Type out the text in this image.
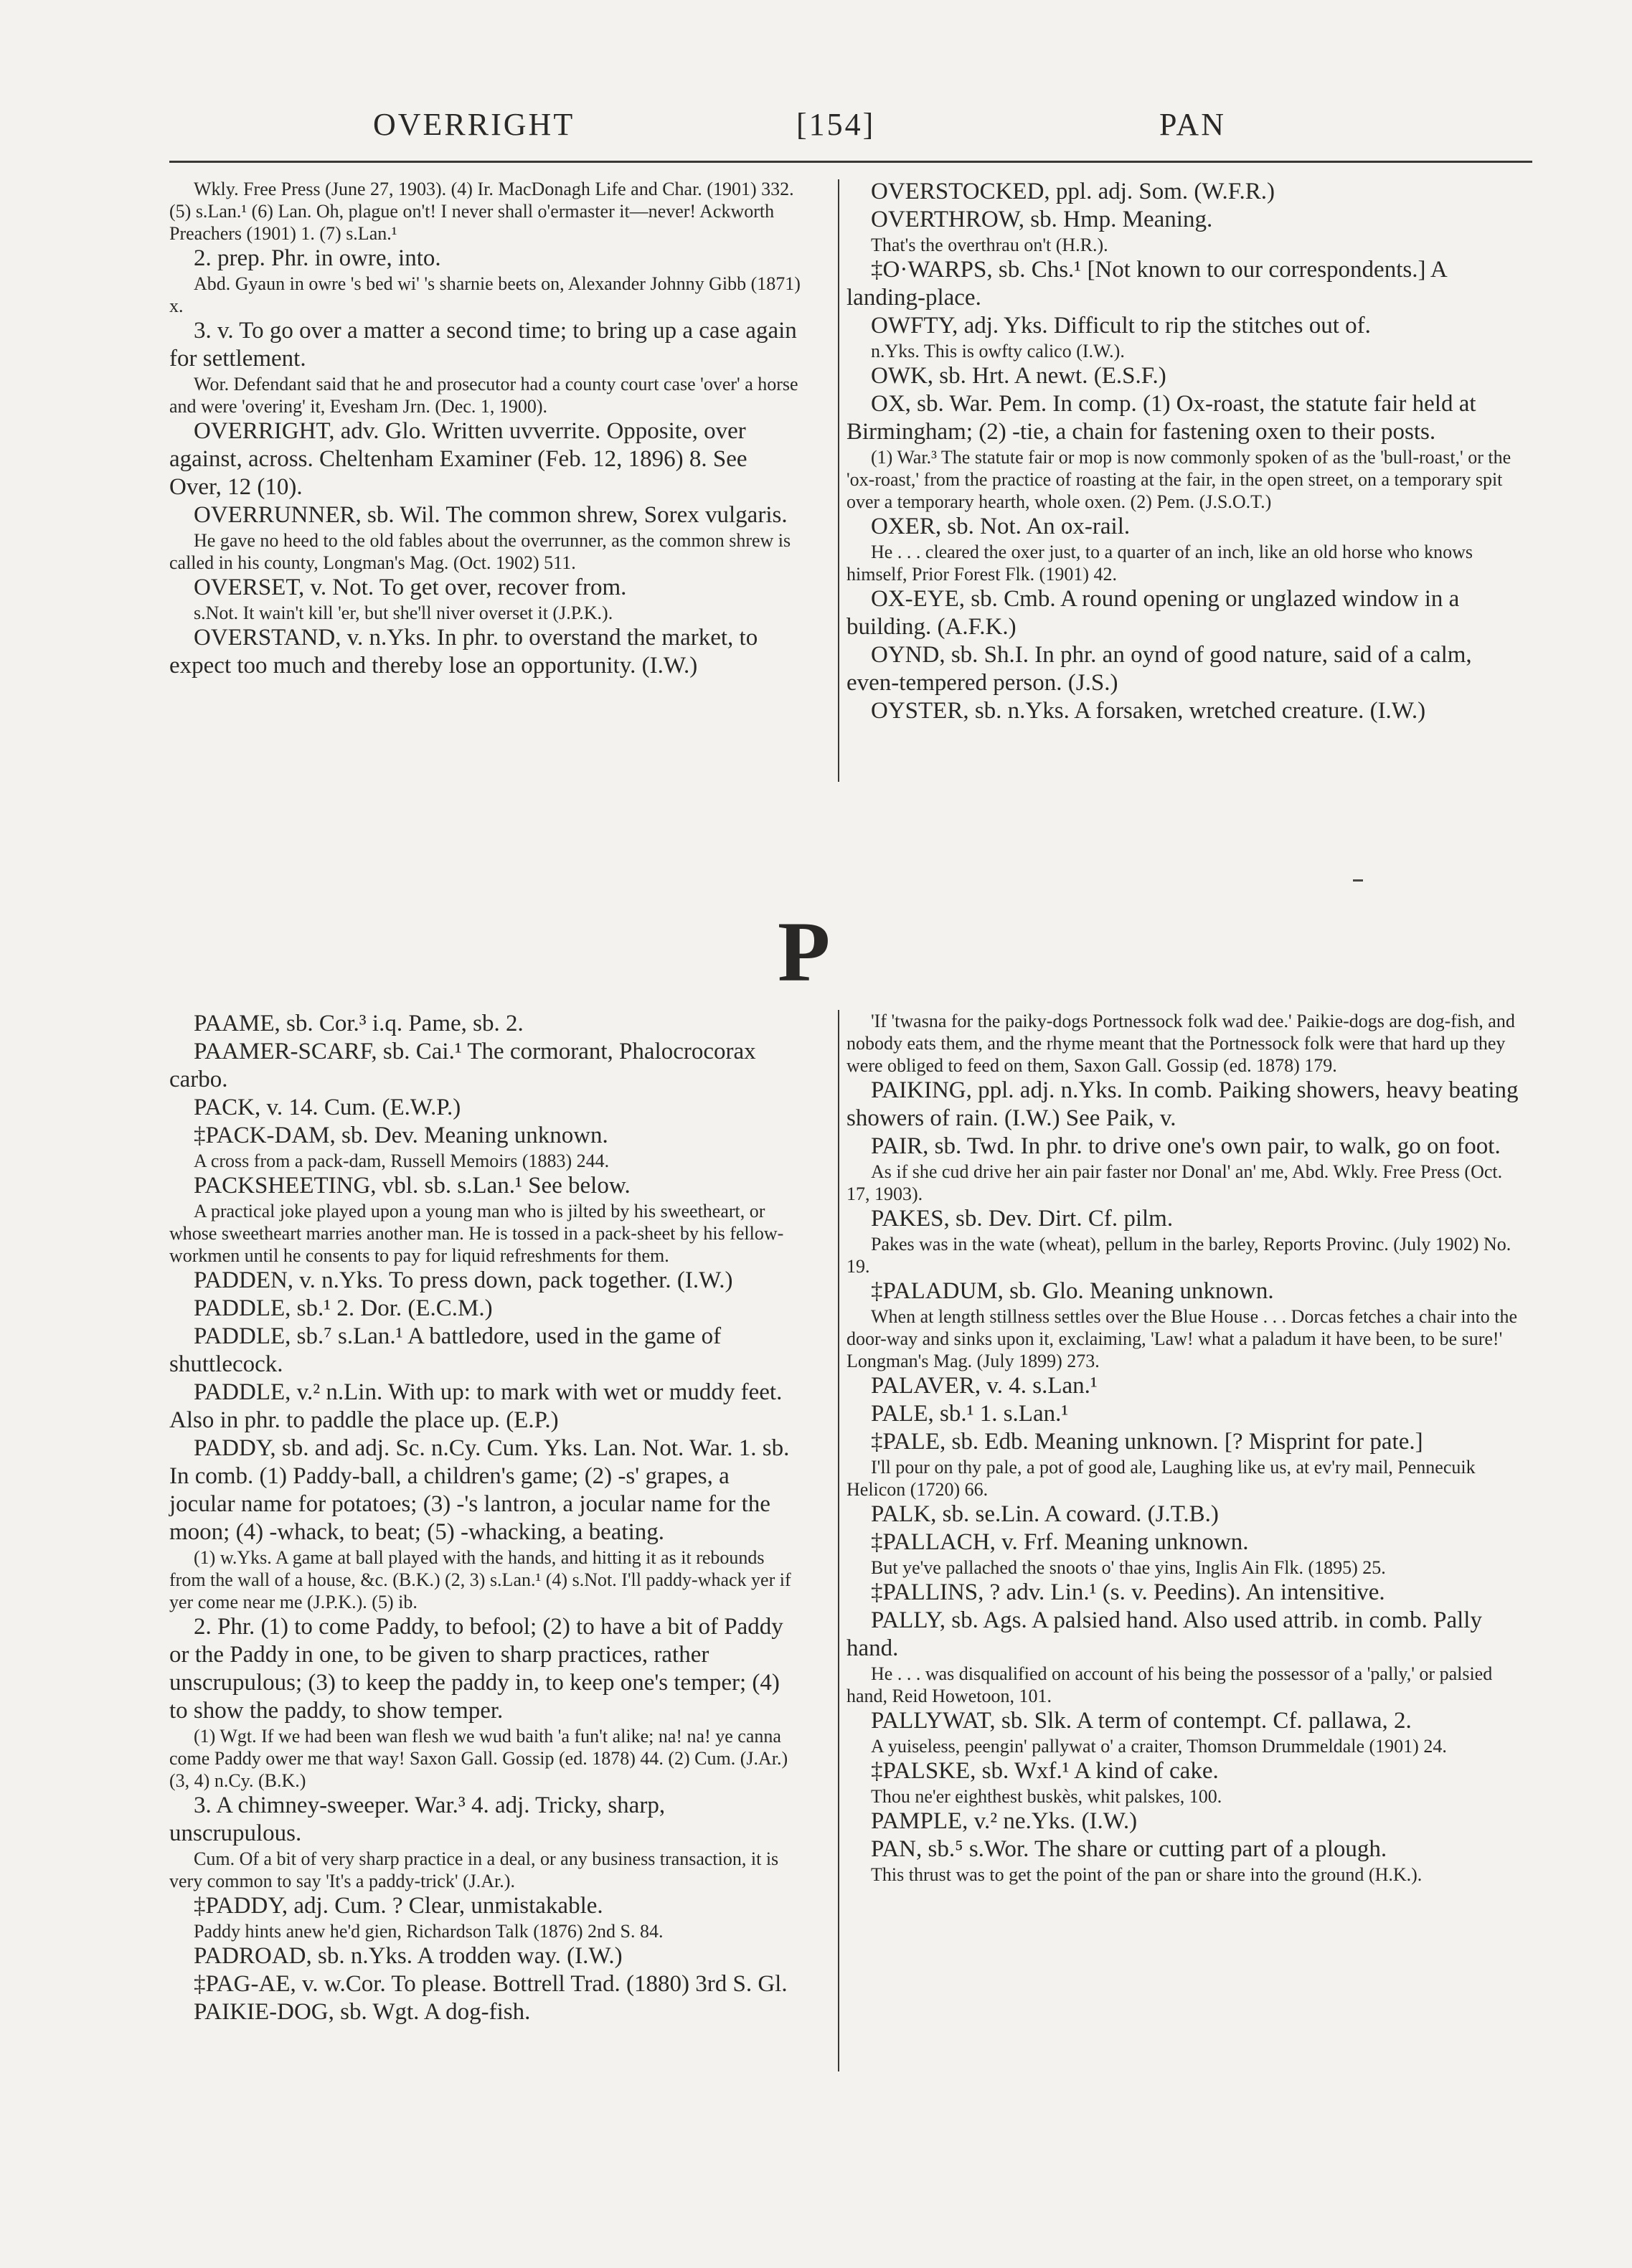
OVERRIGHT	[154]	PAN

Wkly. Free Press (June 27, 1903). (4) Ir. MacDonagh Life and Char. (1901) 332. (5) s.Lan.¹ (6) Lan. Oh, plague on't! I never shall o'ermaster it—never! Ackworth Preachers (1901) 1. (7) s.Lan.¹

2. prep. Phr. in owre, into.

Abd. Gyaun in owre 's bed wi' 's sharnie beets on, Alexander Johnny Gibb (1871) x.

3. v. To go over a matter a second time; to bring up a case again for settlement.

Wor. Defendant said that he and prosecutor had a county court case 'over' a horse and were 'overing' it, Evesham Jrn. (Dec. 1, 1900).

OVERRIGHT, adv. Glo. Written uvverrite. Opposite, over against, across. Cheltenham Examiner (Feb. 12, 1896) 8. See Over, 12 (10).

OVERRUNNER, sb. Wil. The common shrew, Sorex vulgaris.

He gave no heed to the old fables about the overrunner, as the common shrew is called in his county, Longman's Mag. (Oct. 1902) 511.

OVERSET, v. Not. To get over, recover from.

s.Not. It wain't kill 'er, but she'll niver overset it (J.P.K.).

OVERSTAND, v. n.Yks. In phr. to overstand the market, to expect too much and thereby lose an opportunity. (I.W.)

OVERSTOCKED, ppl. adj. Som. (W.F.R.)

OVERTHROW, sb. Hmp. Meaning.

That's the overthrau on't (H.R.).

‡O·WARPS, sb. Chs.¹ [Not known to our correspondents.] A landing-place.

OWFTY, adj. Yks. Difficult to rip the stitches out of.

n.Yks. This is owfty calico (I.W.).

OWK, sb. Hrt. A newt. (E.S.F.)

OX, sb. War. Pem. In comp. (1) Ox-roast, the statute fair held at Birmingham; (2) -tie, a chain for fastening oxen to their posts.

(1) War.³ The statute fair or mop is now commonly spoken of as the 'bull-roast,' or the 'ox-roast,' from the practice of roasting at the fair, in the open street, on a temporary spit over a temporary hearth, whole oxen. (2) Pem. (J.S.O.T.)

OXER, sb. Not. An ox-rail.

He . . . cleared the oxer just, to a quarter of an inch, like an old horse who knows himself, Prior Forest Flk. (1901) 42.

OX-EYE, sb. Cmb. A round opening or unglazed window in a building. (A.F.K.)

OYND, sb. Sh.I. In phr. an oynd of good nature, said of a calm, even-tempered person. (J.S.)

OYSTER, sb. n.Yks. A forsaken, wretched creature. (I.W.)

P

PAAME, sb. Cor.³ i.q. Pame, sb. 2.

PAAMER-SCARF, sb. Cai.¹ The cormorant, Phalocrocorax carbo.

PACK, v. 14. Cum. (E.W.P.)

‡PACK-DAM, sb. Dev. Meaning unknown.

A cross from a pack-dam, Russell Memoirs (1883) 244.

PACKSHEETING, vbl. sb. s.Lan.¹ See below.

A practical joke played upon a young man who is jilted by his sweetheart, or whose sweetheart marries another man. He is tossed in a pack-sheet by his fellow-workmen until he consents to pay for liquid refreshments for them.

PADDEN, v. n.Yks. To press down, pack together. (I.W.)

PADDLE, sb.¹ 2. Dor. (E.C.M.)

PADDLE, sb.⁷ s.Lan.¹ A battledore, used in the game of shuttlecock.

PADDLE, v.² n.Lin. With up: to mark with wet or muddy feet. Also in phr. to paddle the place up. (E.P.)

PADDY, sb. and adj. Sc. n.Cy. Cum. Yks. Lan. Not. War. 1. sb. In comb. (1) Paddy-ball, a children's game; (2) -s' grapes, a jocular name for potatoes; (3) -'s lantron, a jocular name for the moon; (4) -whack, to beat; (5) -whacking, a beating.

(1) w.Yks. A game at ball played with the hands, and hitting it as it rebounds from the wall of a house, &c. (B.K.) (2, 3) s.Lan.¹ (4) s.Not. I'll paddy-whack yer if yer come near me (J.P.K.). (5) ib.

2. Phr. (1) to come Paddy, to befool; (2) to have a bit of Paddy or the Paddy in one, to be given to sharp practices, rather unscrupulous; (3) to keep the paddy in, to keep one's temper; (4) to show the paddy, to show temper.

(1) Wgt. If we had been wan flesh we wud baith 'a fun't alike; na! na! ye canna come Paddy ower me that way! Saxon Gall. Gossip (ed. 1878) 44. (2) Cum. (J.Ar.) (3, 4) n.Cy. (B.K.)

3. A chimney-sweeper. War.³ 4. adj. Tricky, sharp, unscrupulous.

Cum. Of a bit of very sharp practice in a deal, or any business transaction, it is very common to say 'It's a paddy-trick' (J.Ar.).

‡PADDY, adj. Cum. ? Clear, unmistakable.

Paddy hints anew he'd gien, Richardson Talk (1876) 2nd S. 84.

PADROAD, sb. n.Yks. A trodden way. (I.W.)

‡PAG-AE, v. w.Cor. To please. Bottrell Trad. (1880) 3rd S. Gl.

PAIKIE-DOG, sb. Wgt. A dog-fish.

'If 'twasna for the paiky-dogs Portnessock folk wad dee.' Paikie-dogs are dog-fish, and nobody eats them, and the rhyme meant that the Portnessock folk were that hard up they were obliged to feed on them, Saxon Gall. Gossip (ed. 1878) 179.

PAIKING, ppl. adj. n.Yks. In comb. Paiking showers, heavy beating showers of rain. (I.W.) See Paik, v.

PAIR, sb. Twd. In phr. to drive one's own pair, to walk, go on foot.

As if she cud drive her ain pair faster nor Donal' an' me, Abd. Wkly. Free Press (Oct. 17, 1903).

PAKES, sb. Dev. Dirt. Cf. pilm.

Pakes was in the wate (wheat), pellum in the barley, Reports Provinc. (July 1902) No. 19.

‡PALADUM, sb. Glo. Meaning unknown.

When at length stillness settles over the Blue House . . . Dorcas fetches a chair into the door-way and sinks upon it, exclaiming, 'Law! what a paladum it have been, to be sure!' Longman's Mag. (July 1899) 273.

PALAVER, v. 4. s.Lan.¹

PALE, sb.¹ 1. s.Lan.¹

‡PALE, sb. Edb. Meaning unknown. [? Misprint for pate.]

I'll pour on thy pale, a pot of good ale, Laughing like us, at ev'ry mail, Pennecuik Helicon (1720) 66.

PALK, sb. se.Lin. A coward. (J.T.B.)

‡PALLACH, v. Frf. Meaning unknown.

But ye've pallached the snoots o' thae yins, Inglis Ain Flk. (1895) 25.

‡PALLINS, ? adv. Lin.¹ (s. v. Peedins). An intensitive.

PALLY, sb. Ags. A palsied hand. Also used attrib. in comb. Pally hand.

He . . . was disqualified on account of his being the possessor of a 'pally,' or palsied hand, Reid Howetoon, 101.

PALLYWAT, sb. Slk. A term of contempt. Cf. pallawa, 2.

A yuiseless, peengin' pallywat o' a craiter, Thomson Drummeldale (1901) 24.

‡PALSKE, sb. Wxf.¹ A kind of cake.

Thou ne'er eighthest buskès, whit palskes, 100.

PAMPLE, v.² ne.Yks. (I.W.)

PAN, sb.⁵ s.Wor. The share or cutting part of a plough.

This thrust was to get the point of the pan or share into the ground (H.K.).
